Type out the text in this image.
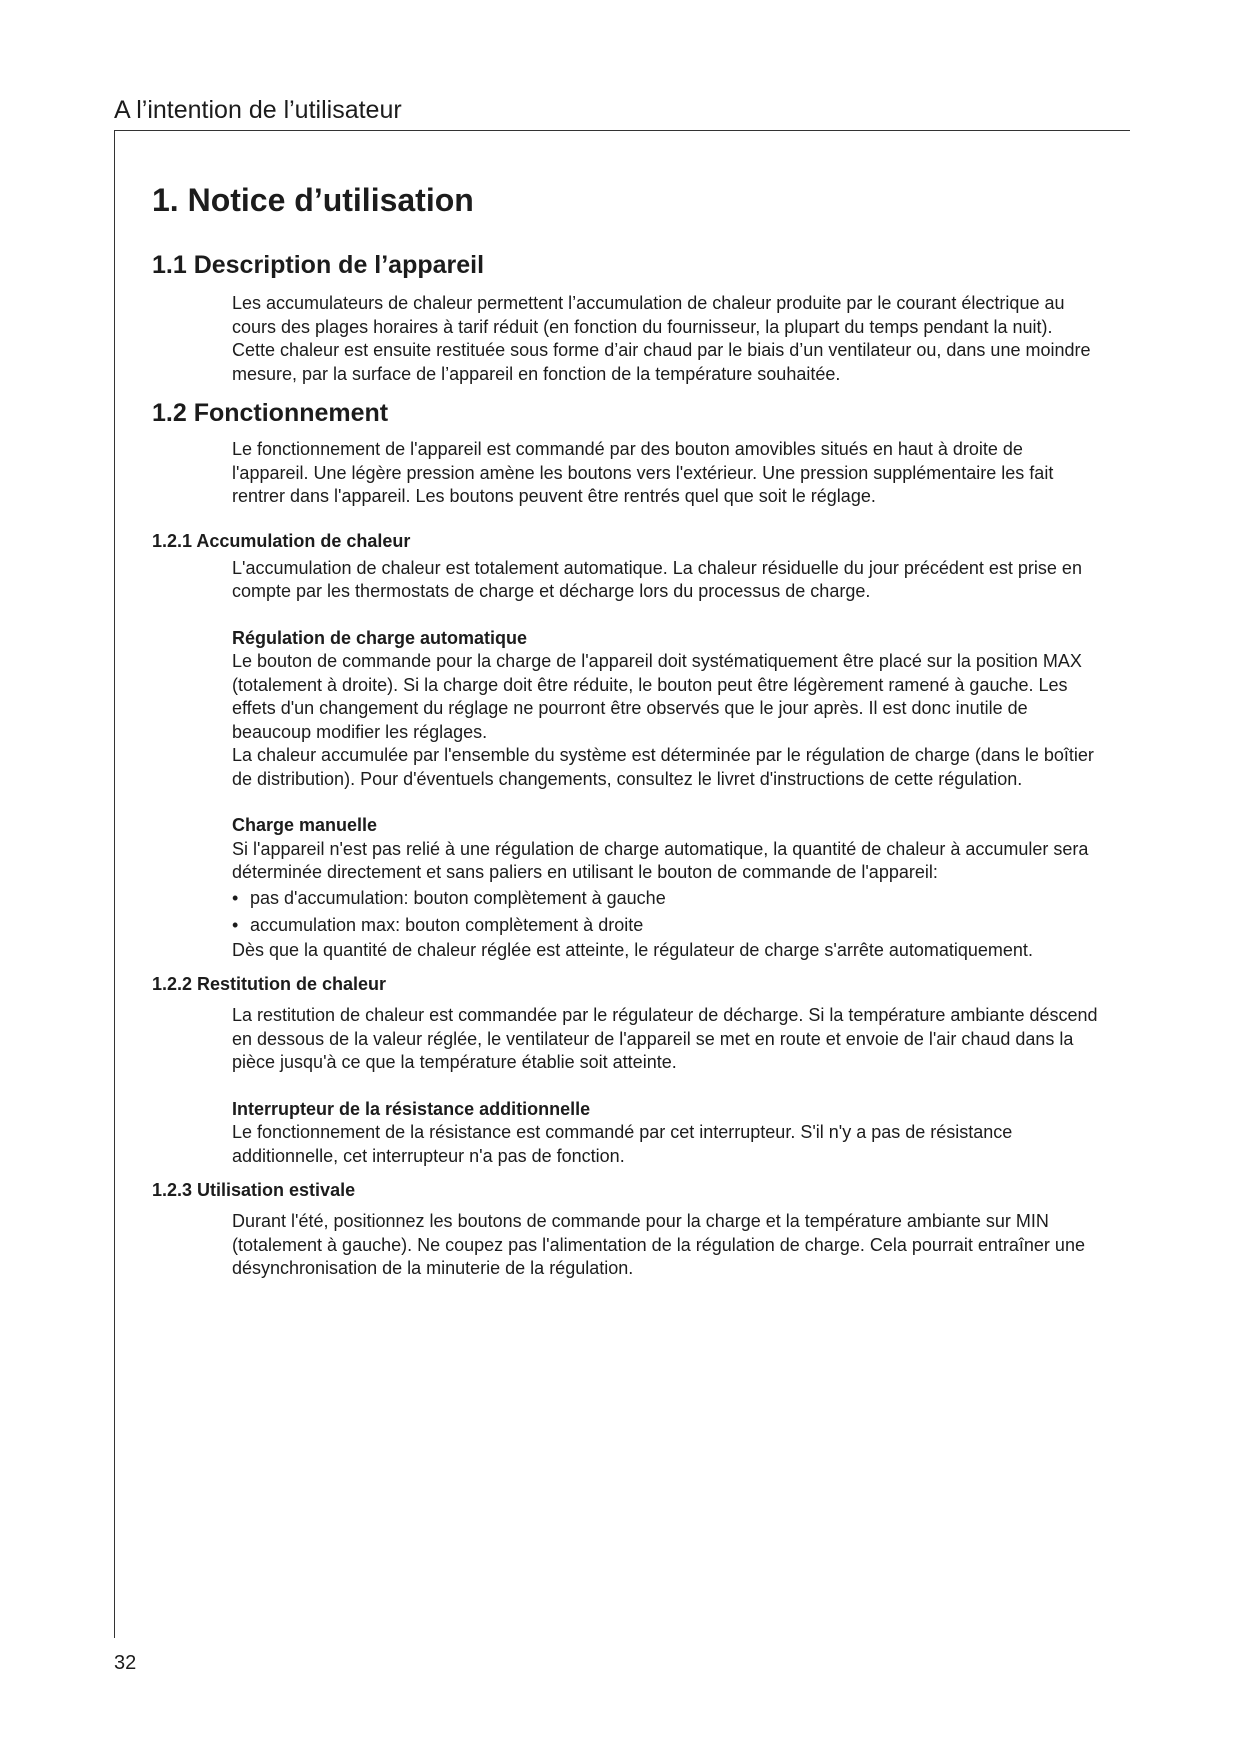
A l’intention de l’utilisateur
32
1. Notice d’utilisation
1.1 Description de l’appareil

Les accumulateurs de chaleur permettent l’accumulation de chaleur produite par le courant électrique au cours des plages horaires à tarif réduit (en fonction du fournisseur, la plupart du temps pendant la nuit). Cette chaleur est ensuite restituée sous forme d’air chaud par le biais d’un ventilateur ou, dans une moindre mesure, par la surface de l’appareil en fonction de la température souhaitée.

1.2 Fonctionnement

Le fonctionnement de l'appareil est commandé par des bouton amovibles situés en haut à droite de l'appareil. Une légère pression amène les boutons vers l'extérieur. Une pression supplémentaire les fait rentrer dans l'appareil. Les boutons peuvent être rentrés quel que soit le réglage.

1.2.1 Accumulation de chaleur

L'accumulation de chaleur est totalement automatique. La chaleur résiduelle du jour précédent est prise en compte par les thermostats de charge et décharge lors du processus de charge.

Régulation de charge automatique

Le bouton de commande pour la charge de l'appareil doit systématiquement être placé sur la position MAX (totalement à droite). Si la charge doit être réduite, le bouton peut être légèrement ramené à gauche. Les effets d'un changement du réglage ne pourront être observés que le jour après. Il est donc inutile de beaucoup modifier les réglages.

La chaleur accumulée par l'ensemble du système est déterminée par le régulation de charge (dans le boîtier de distribution). Pour d'éventuels changements, consultez le livret d'instructions de cette régulation.

Charge manuelle

Si l'appareil n'est pas relié à une régulation de charge automatique, la quantité de chaleur à accumuler sera déterminée directement et sans paliers en utilisant le bouton de commande de l'appareil:

• pas d'accumulation: bouton complètement à gauche
• accumulation max: bouton complètement à droite

Dès que la quantité de chaleur réglée est atteinte, le régulateur de charge s'arrête automatiquement.

1.2.2 Restitution de chaleur

La restitution de chaleur est commandée par le régulateur de décharge. Si la température ambiante déscend en dessous de la valeur réglée, le ventilateur de l'appareil se met en route et envoie de l'air chaud dans la pièce jusqu'à ce que la température établie soit atteinte.

Interrupteur de la résistance additionnelle

Le fonctionnement de la résistance est commandé par cet interrupteur. S'il n'y a pas de résistance additionnelle, cet interrupteur n'a pas de fonction.

1.2.3 Utilisation estivale

Durant l'été, positionnez les boutons de commande pour la charge et la température ambiante sur MIN (totalement à gauche). Ne coupez pas l'alimentation de la régulation de charge. Cela pourrait entraîner une désynchronisation de la minuterie de la régulation.
